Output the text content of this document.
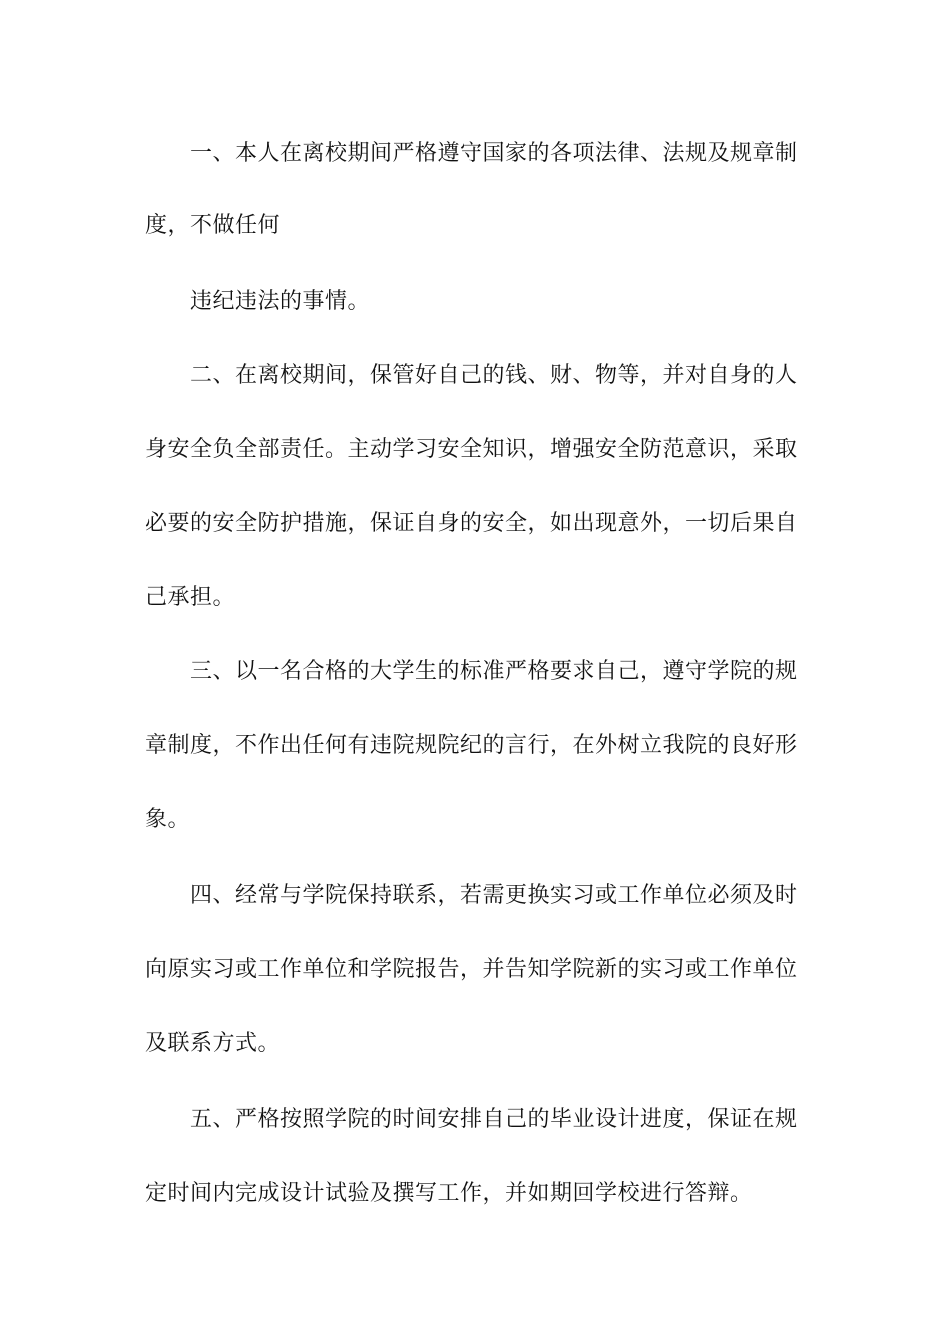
一、本人在离校期间严格遵守国家的各项法律、法规及规章制
度，不做任何
违纪违法的事情。
二、在离校期间，保管好自己的钱、财、物等，并对自身的人
身安全负全部责任。主动学习安全知识，增强安全防范意识，采取
必要的安全防护措施，保证自身的安全，如出现意外，一切后果自
己承担。
三、以一名合格的大学生的标准严格要求自己，遵守学院的规
章制度，不作出任何有违院规院纪的言行，在外树立我院的良好形
象。
四、经常与学院保持联系，若需更换实习或工作单位必须及时
向原实习或工作单位和学院报告，并告知学院新的实习或工作单位
及联系方式。
五、严格按照学院的时间安排自己的毕业设计进度，保证在规
定时间内完成设计试验及撰写工作，并如期回学校进行答辩。
